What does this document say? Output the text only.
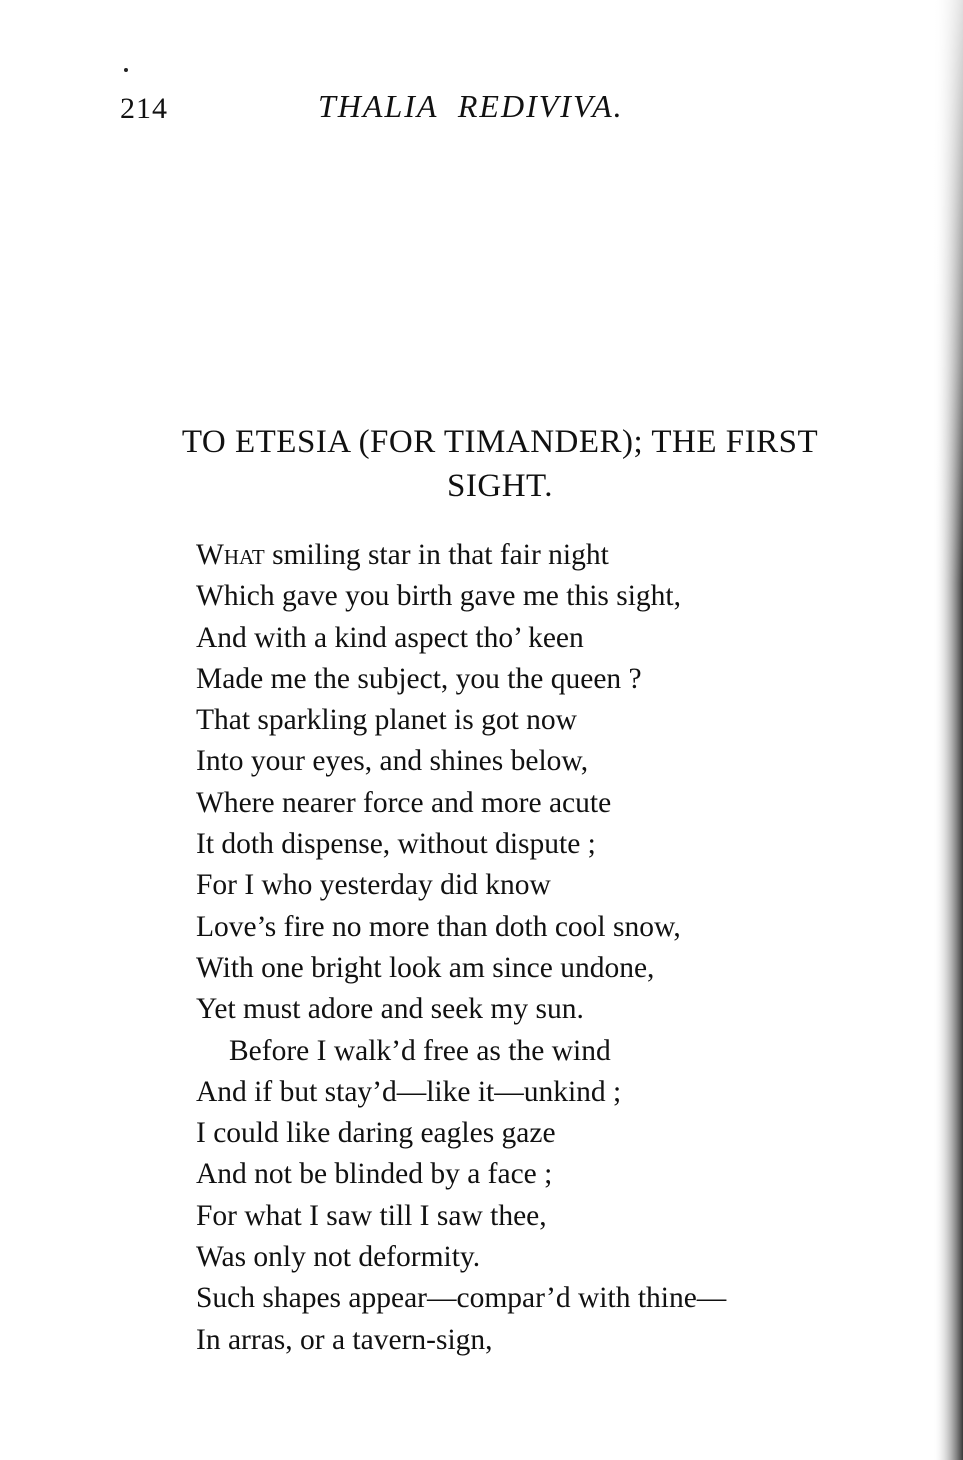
214	THALIA REDIVIVA.
TO ETESIA (FOR TIMANDER); THE FIRST
SIGHT.
What smiling star in that fair night
Which gave you birth gave me this sight,
And with a kind aspect tho’ keen
Made me the subject, you the queen ?
That sparkling planet is got now
Into your eyes, and shines below,
Where nearer force and more acute
It doth dispense, without dispute ;
For I who yesterday did know
Love’s fire no more than doth cool snow,
With one bright look am since undone,
Yet must adore and seek my sun.
Before I walk’d free as the wind
And if but stay’d—like it—unkind ;
I could like daring eagles gaze
And not be blinded by a face ;
For what I saw till I saw thee,
Was only not deformity.
Such shapes appear—compar’d with thine—
In arras, or a tavern-sign,
